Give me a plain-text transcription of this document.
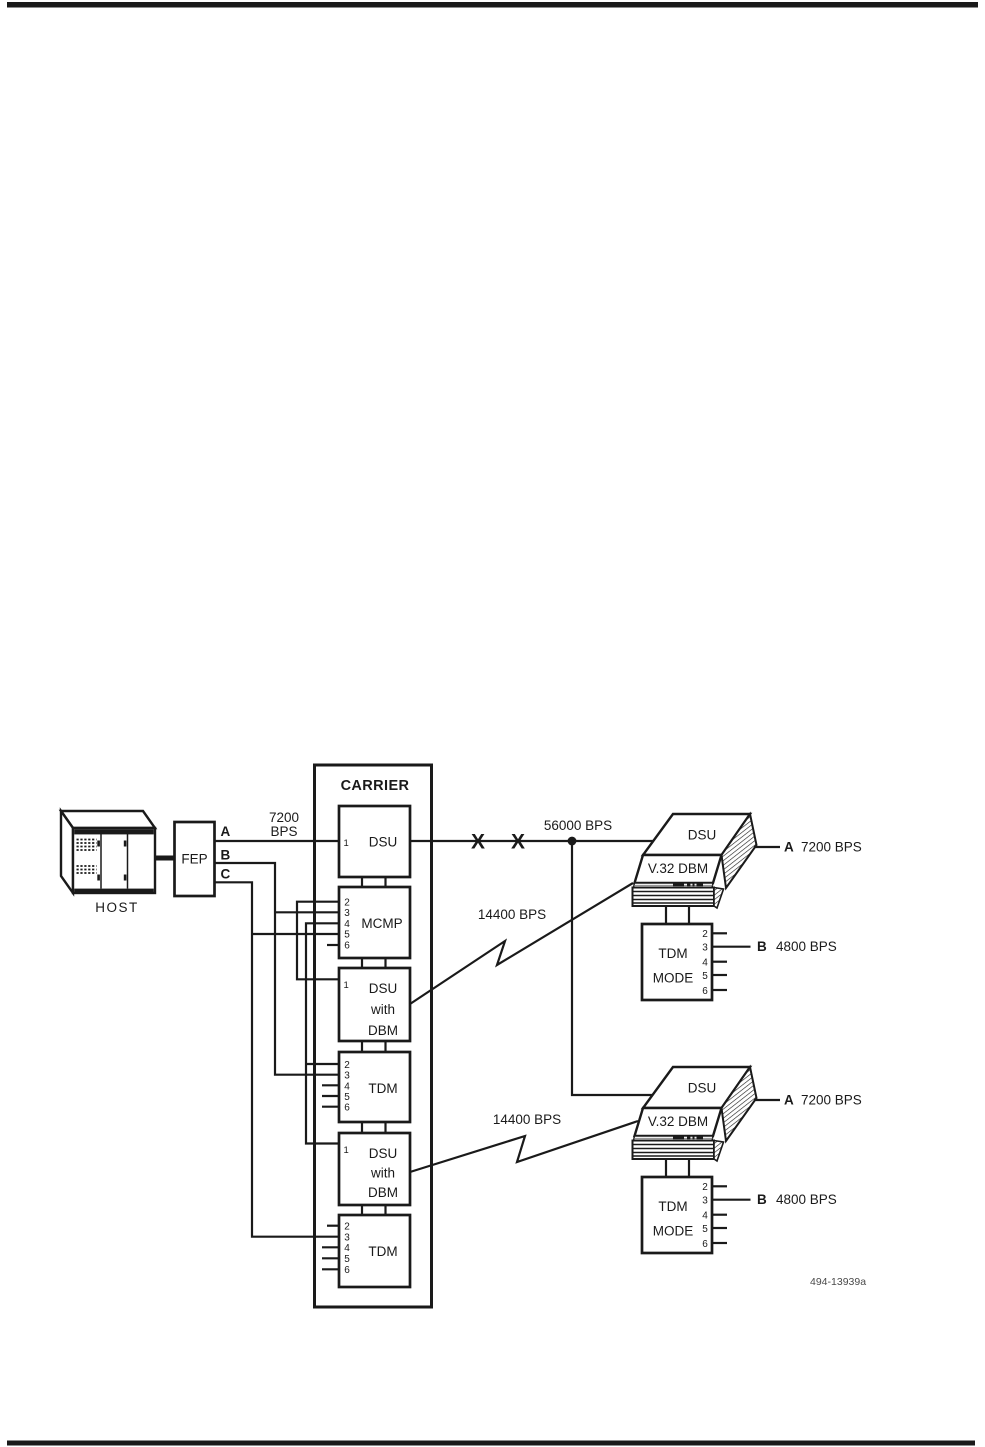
HOST
FEP
A
B
C
7200
BPS
CARRIER
1 DSU
2
3
4
5
6
MCMP
1 DSU
with
DBM
2
3
4
5
6
TDM
1 DSU
with
DBM
2
3
4
5
6
TDM
X X
56000 BPS
14400 BPS
14400 BPS
DSU
V.32 DBM
TDM
MODE
2
3
4
5
6
A 7200 BPS
B 4800 BPS
DSU
V.32 DBM
TDM
MODE
2
3
4
5
6
A 7200 BPS
B 4800 BPS
494-13939a
